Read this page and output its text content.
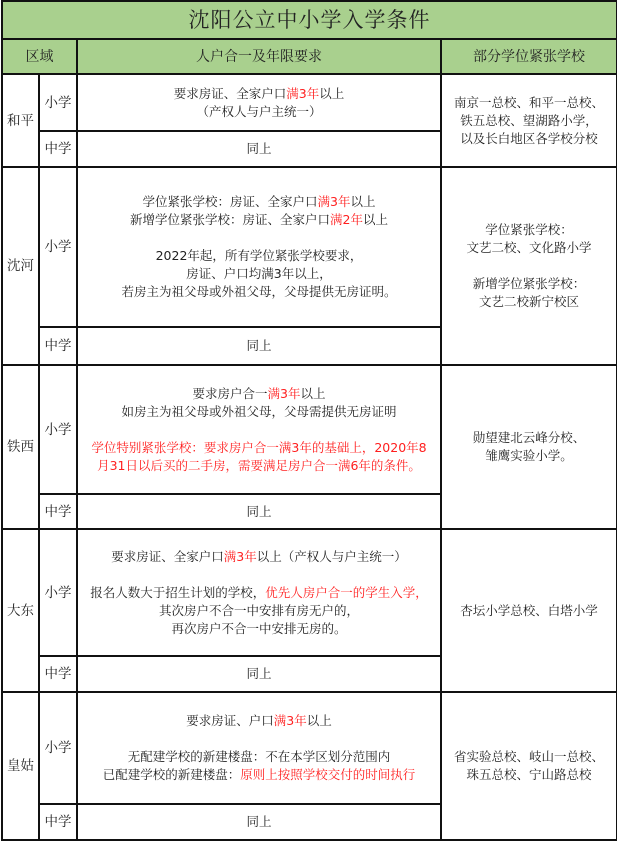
沈阳公立中小学入学条件			
区域		人户合一及年限要求	部分学位紧张学校
和平	小学	要求房证、全家户口满3年以上
（产权人与户主统一）	南京一总校、和平一总校、
铁五总校、望湖路小学，
以及长白地区各学校分校

	中学	同上	
沈河	小学	学位紧张学校：房证、全家户口满3年以上
新增学位紧张学校：房证、全家户口满2年以上
2022年起，所有学位紧张学校要求，
房证、户口均满3年以上，
若房主为祖父母或外祖父母，父母提供无房证明。	学位紧张学校：
文艺二校、文化路小学
新增学位紧张学校：
文艺二校新宁校区

	中学	同上	
铁西	小学	要求房户合一满3年以上
如房主为祖父母或外祖父母，父母需提供无房证明
学位特别紧张学校：要求房户合一满3年的基础上，2020年8
月31日以后买的二手房，需要满足房户合一满6年的条件。	勋望建北云峰分校、
雏鹰实验小学。

	中学	同上	
大东	小学	要求房证、全家户口满3年以上（产权人与户主统一）
报名人数大于招生计划的学校，优先人房户合一的学生入学，
其次房户不合一中安排有房无户的，
再次房户不合一中安排无房的。	杏坛小学总校、白塔小学

	中学	同上	
皇姑	小学	要求房证、户口满3年以上
无配建学校的新建楼盘：不在本学区划分范围内
已配建学校的新建楼盘：原则上按照学校交付的时间执行	省实验总校、岐山一总校、
珠五总校、宁山路总校

	中学	同上	
